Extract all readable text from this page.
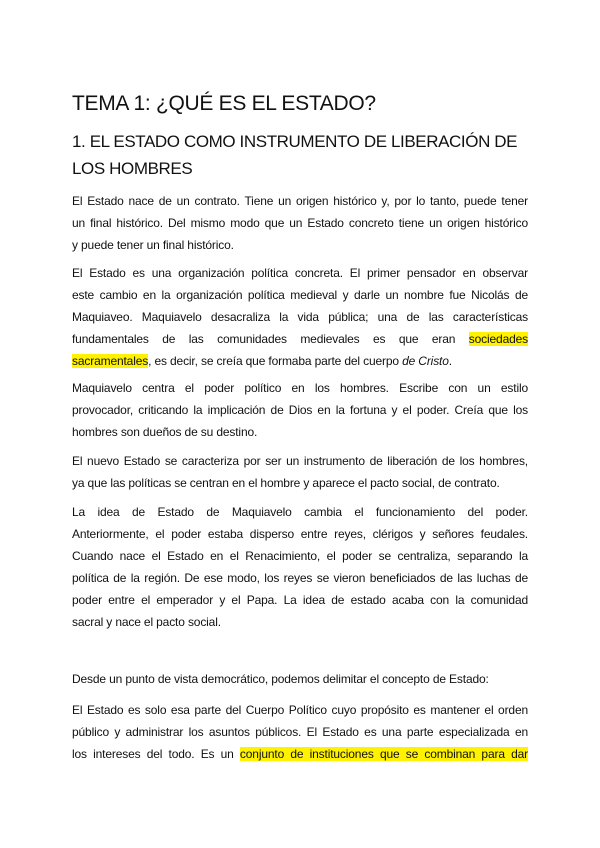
TEMA 1: ¿QUÉ ES EL ESTADO?
1. EL ESTADO COMO INSTRUMENTO DE LIBERACIÓN DE
LOS HOMBRES

El Estado nace de un contrato. Tiene un origen histórico y, por lo tanto, puede tener
un final histórico. Del mismo modo que un Estado concreto tiene un origen histórico
y puede tener un final histórico.

El Estado es una organización política concreta. El primer pensador en observar
este cambio en la organización política medieval y darle un nombre fue Nicolás de
Maquiaveo. Maquiavelo desacraliza la vida pública; una de las características
fundamentales de las comunidades medievales es que eran sociedades
sacramentales, es decir, se creía que formaba parte del cuerpo de Cristo.

Maquiavelo centra el poder político en los hombres. Escribe con un estilo
provocador, criticando la implicación de Dios en la fortuna y el poder. Creía que los
hombres son dueños de su destino.

El nuevo Estado se caracteriza por ser un instrumento de liberación de los hombres,
ya que las políticas se centran en el hombre y aparece el pacto social, de contrato.

La idea de Estado de Maquiavelo cambia el funcionamiento del poder.
Anteriormente, el poder estaba disperso entre reyes, clérigos y señores feudales.
Cuando nace el Estado en el Renacimiento, el poder se centraliza, separando la
política de la región. De ese modo, los reyes se vieron beneficiados de las luchas de
poder entre el emperador y el Papa. La idea de estado acaba con la comunidad
sacral y nace el pacto social.

Desde un punto de vista democrático, podemos delimitar el concepto de Estado:

El Estado es solo esa parte del Cuerpo Político cuyo propósito es mantener el orden
público y administrar los asuntos públicos. El Estado es una parte especializada en
los intereses del todo. Es un conjunto de instituciones que se combinan para dar
